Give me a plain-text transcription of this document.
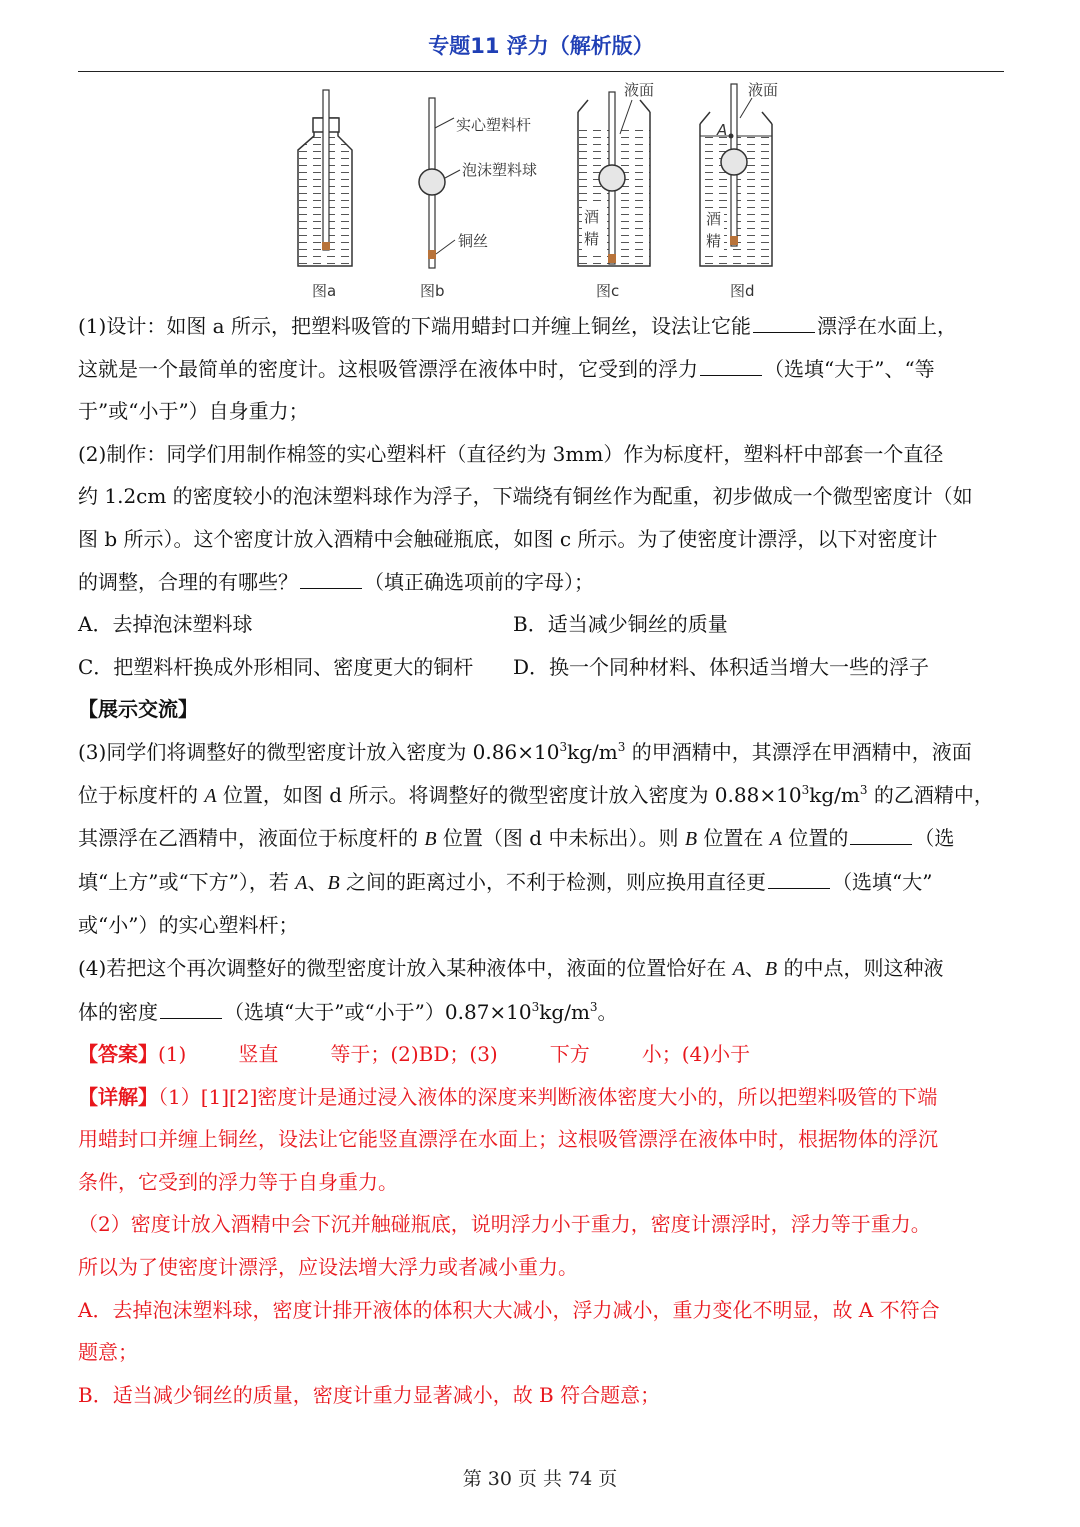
专题11 浮力（解析版）
图a
实心塑料杆
泡沫塑料球
铜丝
图b
液面
酒
精
图c
A
液面
酒
精
图d

(1)设计：如图 a 所示，把塑料吸管的下端用蜡封口并缠上铜丝，设法让它能	漂浮在水面上，

这就是一个最简单的密度计。这根吸管漂浮在液体中时，它受到的浮力	（选填“大于”、“等

于”或“小于”）自身重力；

(2)制作：同学们用制作棉签的实心塑料杆（直径约为 3mm）作为标度杆，塑料杆中部套一个直径

约 1.2cm 的密度较小的泡沫塑料球作为浮子，下端绕有铜丝作为配重，初步做成一个微型密度计（如

图 b 所示）。这个密度计放入酒精中会触碰瓶底，如图 c 所示。为了使密度计漂浮，以下对密度计

的调整，合理的有哪些？	（填正确选项前的字母）；

A．去掉泡沫塑料球	B．适当减少铜丝的质量
C．把塑料杆换成外形相同、密度更大的铜杆	D．换一个同种材料、体积适当增大一些的浮子

【展示交流】

(3)同学们将调整好的微型密度计放入密度为 $0.86\times 10^3kg/m^3$ 的甲酒精中，其漂浮在甲酒精中，液面

位于标度杆的 A 位置，如图 d 所示。将调整好的微型密度计放入密度为 $0.88\times 10^3kg/m^3$ 的乙酒精中，

其漂浮在乙酒精中，液面位于标度杆的 B 位置（图 d 中未标出）。则 B 位置在 A 位置的	（选

填“上方”或“下方”），若 A、B 之间的距离过小，不利于检测，则应换用直径更	（选填“大”

或“小”）的实心塑料杆；

(4)若把这个再次调整好的微型密度计放入某种液体中，液面的位置恰好在 A、B 的中点，则这种液

体的密度	（选填“大于”或“小于$”)0.87\times 10^3kg/m^3$。

【答案】(1)	竖直	等于；(2)BD；(3)	下方	小；(4)小于

【详解】（1）[1][2]密度计是通过浸入液体的深度来判断液体密度大小的，所以把塑料吸管的下端

用蜡封口并缠上铜丝，设法让它能竖直漂浮在水面上；这根吸管漂浮在液体中时，根据物体的浮沉

条件，它受到的浮力等于自身重力。

（2）密度计放入酒精中会下沉并触碰瓶底，说明浮力小于重力，密度计漂浮时，浮力等于重力。

所以为了使密度计漂浮，应设法增大浮力或者减小重力。

A．去掉泡沫塑料球，密度计排开液体的体积大大减小，浮力减小，重力变化不明显，故 A 不符合

题意；

B．适当减少铜丝的质量，密度计重力显著减小，故 B 符合题意；

第 30 页 共 74 页
